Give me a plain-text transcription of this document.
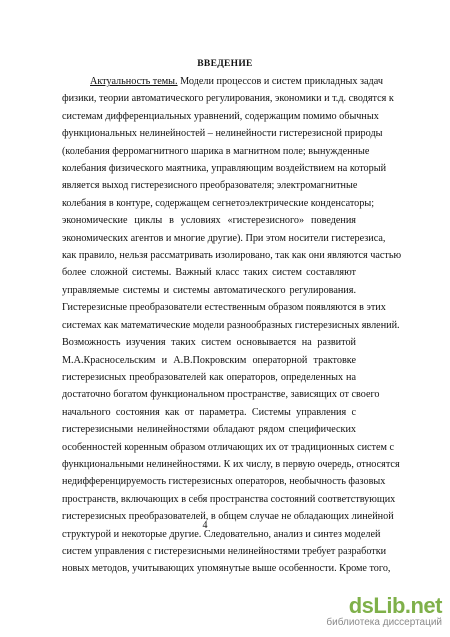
ВВЕДЕНИЕ
Актуальность темы. Модели процессов и систем прикладных задач
физики, теории автоматического регулирования, экономики и т.д. сводятся к
системам дифференциальных уравнений, содержащим помимо обычных
функциональных нелинейностей – нелинейности гистерезисной природы
(колебания ферромагнитного шарика в магнитном поле; вынужденные
колебания физического маятника, управляющим воздействием на который
является выход гистерезисного преобразователя; электромагнитные
колебания в контуре, содержащем сегнетоэлектрические конденсаторы;
экономические циклы в условиях «гистерезисного» поведения
экономических агентов и многие другие). При этом носители гистерезиса,
как правило, нельзя рассматривать изолировано, так как они являются частью
более сложной системы. Важный класс таких систем составляют
управляемые системы и системы автоматического регулирования.
Гистерезисные преобразователи естественным образом появляются в этих
системах как математические модели разнообразных гистерезисных явлений.
Возможность изучения таких систем основывается на развитой
М.А.Красносельским и А.В.Покровским операторной трактовке
гистерезисных преобразователей как операторов, определенных на
достаточно богатом функциональном пространстве, зависящих от своего
начального состояния как от параметра. Системы управления с
гистерезисными нелинейностями обладают рядом специфических
особенностей коренным образом отличающих их от традиционных систем с
функциональными нелинейностями. К их числу, в первую очередь, относятся
недифференцируемость гистерезисных операторов, необычность фазовых
пространств, включающих в себя пространства состояний соответствующих
гистерезисных преобразователей, в общем случае не обладающих линейной
структурой и некоторые другие. Следовательно, анализ и синтез моделей
систем управления с гистерезисными нелинейностями требует разработки
новых методов, учитывающих упомянутые выше особенности. Кроме того,
4
dsLib.net
библиотека диссертаций
